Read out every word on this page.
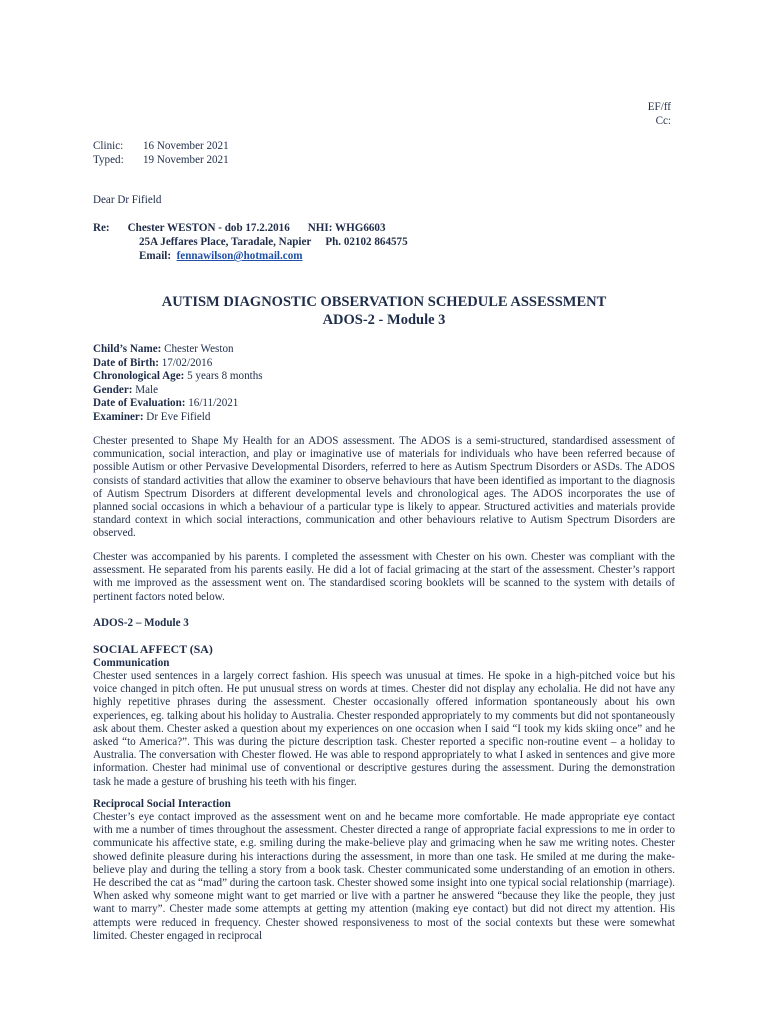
EF/ff
Cc:
Clinic: 16 November 2021
Typed: 19 November 2021
Dear Dr Fifield
Re: Chester WESTON - dob 17.2.2016 NHI: WHG6603
25A Jeffares Place, Taradale, Napier Ph. 02102 864575
Email: fennawilson@hotmail.com
AUTISM DIAGNOSTIC OBSERVATION SCHEDULE ASSESSMENT
ADOS-2 - Module 3
Child’s Name: Chester Weston
Date of Birth: 17/02/2016
Chronological Age: 5 years 8 months
Gender: Male
Date of Evaluation: 16/11/2021
Examiner: Dr Eve Fifield
Chester presented to Shape My Health for an ADOS assessment. The ADOS is a semi-structured, standardised assessment of communication, social interaction, and play or imaginative use of materials for individuals who have been referred because of possible Autism or other Pervasive Developmental Disorders, referred to here as Autism Spectrum Disorders or ASDs. The ADOS consists of standard activities that allow the examiner to observe behaviours that have been identified as important to the diagnosis of Autism Spectrum Disorders at different developmental levels and chronological ages. The ADOS incorporates the use of planned social occasions in which a behaviour of a particular type is likely to appear. Structured activities and materials provide standard context in which social interactions, communication and other behaviours relative to Autism Spectrum Disorders are observed.
Chester was accompanied by his parents. I completed the assessment with Chester on his own. Chester was compliant with the assessment. He separated from his parents easily. He did a lot of facial grimacing at the start of the assessment. Chester’s rapport with me improved as the assessment went on. The standardised scoring booklets will be scanned to the system with details of pertinent factors noted below.
ADOS-2 – Module 3
SOCIAL AFFECT (SA)
Communication
Chester used sentences in a largely correct fashion. His speech was unusual at times. He spoke in a high-pitched voice but his voice changed in pitch often. He put unusual stress on words at times. Chester did not display any echolalia. He did not have any highly repetitive phrases during the assessment. Chester occasionally offered information spontaneously about his own experiences, eg. talking about his holiday to Australia. Chester responded appropriately to my comments but did not spontaneously ask about them. Chester asked a question about my experiences on one occasion when I said “I took my kids skiing once” and he asked “to America?”. This was during the picture description task. Chester reported a specific non-routine event – a holiday to Australia. The conversation with Chester flowed. He was able to respond appropriately to what I asked in sentences and give more information. Chester had minimal use of conventional or descriptive gestures during the assessment. During the demonstration task he made a gesture of brushing his teeth with his finger.
Reciprocal Social Interaction
Chester’s eye contact improved as the assessment went on and he became more comfortable. He made appropriate eye contact with me a number of times throughout the assessment. Chester directed a range of appropriate facial expressions to me in order to communicate his affective state, e.g. smiling during the make-believe play and grimacing when he saw me writing notes. Chester showed definite pleasure during his interactions during the assessment, in more than one task. He smiled at me during the make-believe play and during the telling a story from a book task. Chester communicated some understanding of an emotion in others. He described the cat as “mad” during the cartoon task. Chester showed some insight into one typical social relationship (marriage). When asked why someone might want to get married or live with a partner he answered “because they like the people, they just want to marry”. Chester made some attempts at getting my attention (making eye contact) but did not direct my attention. His attempts were reduced in frequency. Chester showed responsiveness to most of the social contexts but these were somewhat limited. Chester engaged in reciprocal
